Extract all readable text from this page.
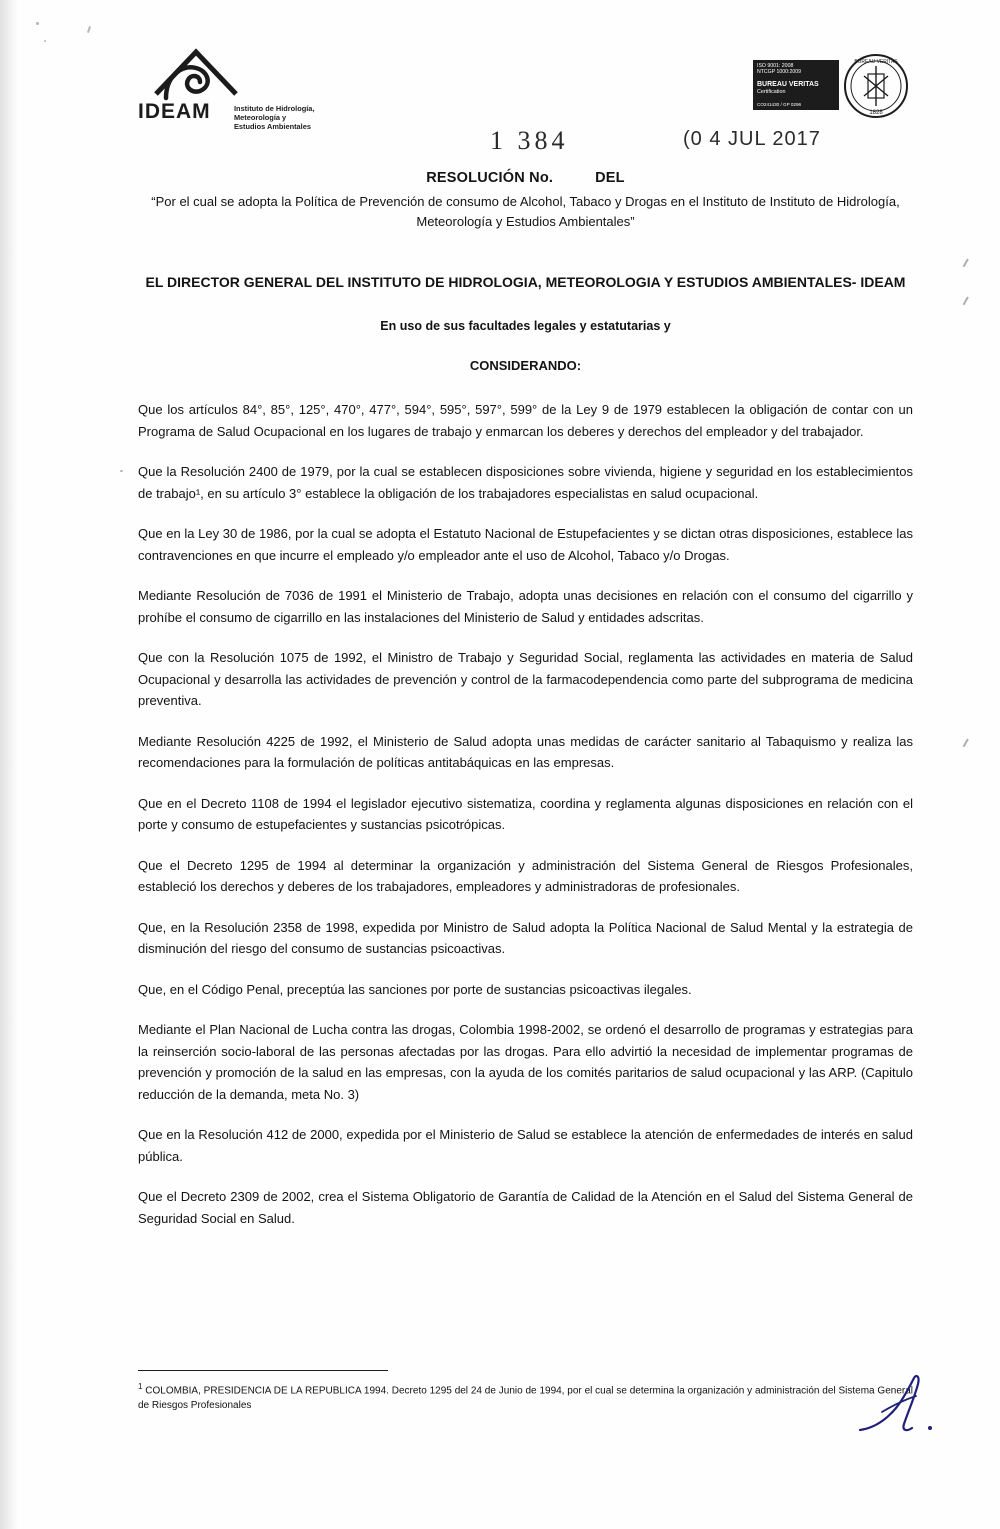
IDEAM	Instituto de Hidrología,
Meteorología y
Estudios Ambientales
ISO 9001: 2008
NTCGP 1000:2009
BUREAU VERITAS
Certification
CO241430 / GP 0296
1828
BUREAU VERITAS
1 384	(0 4 JUL 2017
RESOLUCIÓN No.	DEL
“Por el cual se adopta la Política de Prevención de consumo de Alcohol, Tabaco y Drogas en el Instituto de Instituto de Hidrología, Meteorología y Estudios Ambientales”
EL DIRECTOR GENERAL DEL INSTITUTO DE HIDROLOGIA, METEOROLOGIA Y ESTUDIOS AMBIENTALES- IDEAM
En uso de sus facultades legales y estatutarias y
CONSIDERANDO:

Que los artículos 84°, 85°, 125°, 470°, 477°, 594°, 595°, 597°, 599° de la Ley 9 de 1979 establecen la obligación de contar con un Programa de Salud Ocupacional en los lugares de trabajo y enmarcan los deberes y derechos del empleador y del trabajador.

Que la Resolución 2400 de 1979, por la cual se establecen disposiciones sobre vivienda, higiene y seguridad en los establecimientos de trabajo¹, en su artículo 3° establece la obligación de los trabajadores especialistas en salud ocupacional.

Que en la Ley 30 de 1986, por la cual se adopta el Estatuto Nacional de Estupefacientes y se dictan otras disposiciones, establece las contravenciones en que incurre el empleado y/o empleador ante el uso de Alcohol, Tabaco y/o Drogas.

Mediante Resolución de 7036 de 1991 el Ministerio de Trabajo, adopta unas decisiones en relación con el consumo del cigarrillo y prohíbe el consumo de cigarrillo en las instalaciones del Ministerio de Salud y entidades adscritas.

Que con la Resolución 1075 de 1992, el Ministro de Trabajo y Seguridad Social, reglamenta las actividades en materia de Salud Ocupacional y desarrolla las actividades de prevención y control de la farmacodependencia como parte del subprograma de medicina preventiva.

Mediante Resolución 4225 de 1992, el Ministerio de Salud adopta unas medidas de carácter sanitario al Tabaquismo y realiza las recomendaciones para la formulación de políticas antitabáquicas en las empresas.

Que en el Decreto 1108 de 1994 el legislador ejecutivo sistematiza, coordina y reglamenta algunas disposiciones en relación con el porte y consumo de estupefacientes y sustancias psicotrópicas.

Que el Decreto 1295 de 1994 al determinar la organización y administración del Sistema General de Riesgos Profesionales, estableció los derechos y deberes de los trabajadores, empleadores y administradoras de profesionales.

Que, en la Resolución 2358 de 1998, expedida por Ministro de Salud adopta la Política Nacional de Salud Mental y la estrategia de disminución del riesgo del consumo de sustancias psicoactivas.

Que, en el Código Penal, preceptúa las sanciones por porte de sustancias psicoactivas ilegales.

Mediante el Plan Nacional de Lucha contra las drogas, Colombia 1998-2002, se ordenó el desarrollo de programas y estrategias para la reinserción socio-laboral de las personas afectadas por las drogas. Para ello advirtió la necesidad de implementar programas de prevención y promoción de la salud en las empresas, con la ayuda de los comités paritarios de salud ocupacional y las ARP. (Capitulo reducción de la demanda, meta No. 3)

Que en la Resolución 412 de 2000, expedida por el Ministerio de Salud se establece la atención de enfermedades de interés en salud pública.

Que el Decreto 2309 de 2002, crea el Sistema Obligatorio de Garantía de Calidad de la Atención en el Salud del Sistema General de Seguridad Social en Salud.

$^1$ COLOMBIA, PRESIDENCIA DE LA REPUBLICA 1994. Decreto 1295 del 24 de Junio de 1994, por el cual se determina la organización y administración del Sistema General de Riesgos Profesionales
